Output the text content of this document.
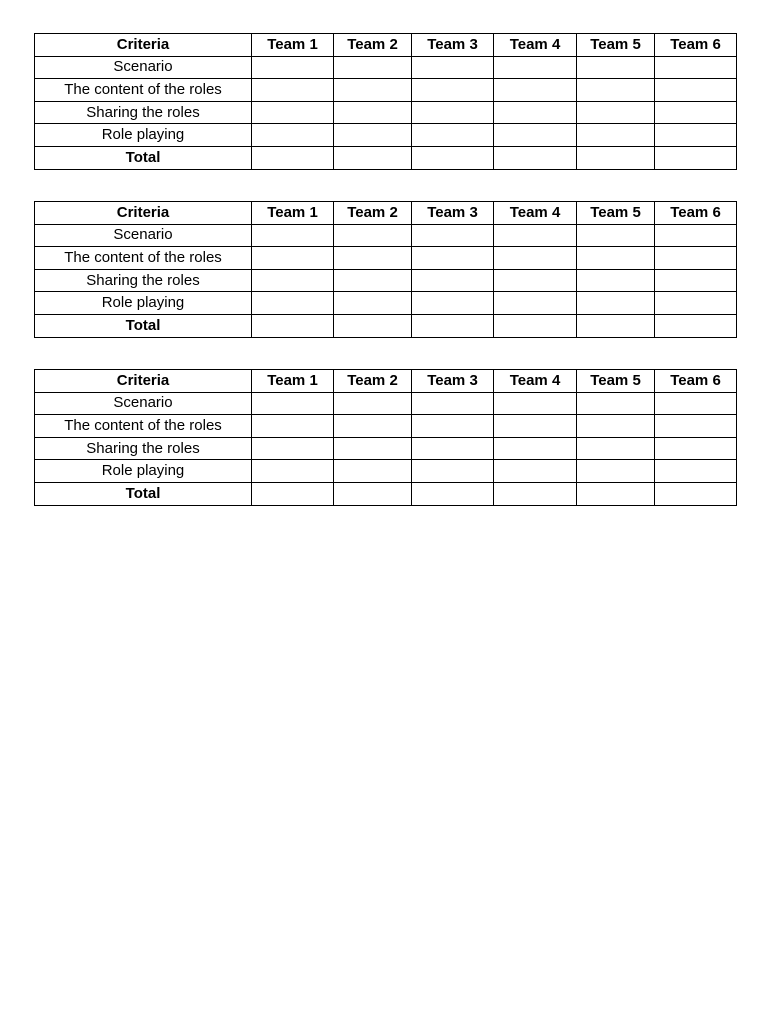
Criteria	Team 1	Team 2	Team 3	Team 4	Team 5	Team 6
Scenario						
The content of the roles						
Sharing the roles						
Role playing						
Total						
Criteria	Team 1	Team 2	Team 3	Team 4	Team 5	Team 6
Scenario						
The content of the roles						
Sharing the roles						
Role playing						
Total						
Criteria	Team 1	Team 2	Team 3	Team 4	Team 5	Team 6
Scenario						
The content of the roles						
Sharing the roles						
Role playing						
Total						
